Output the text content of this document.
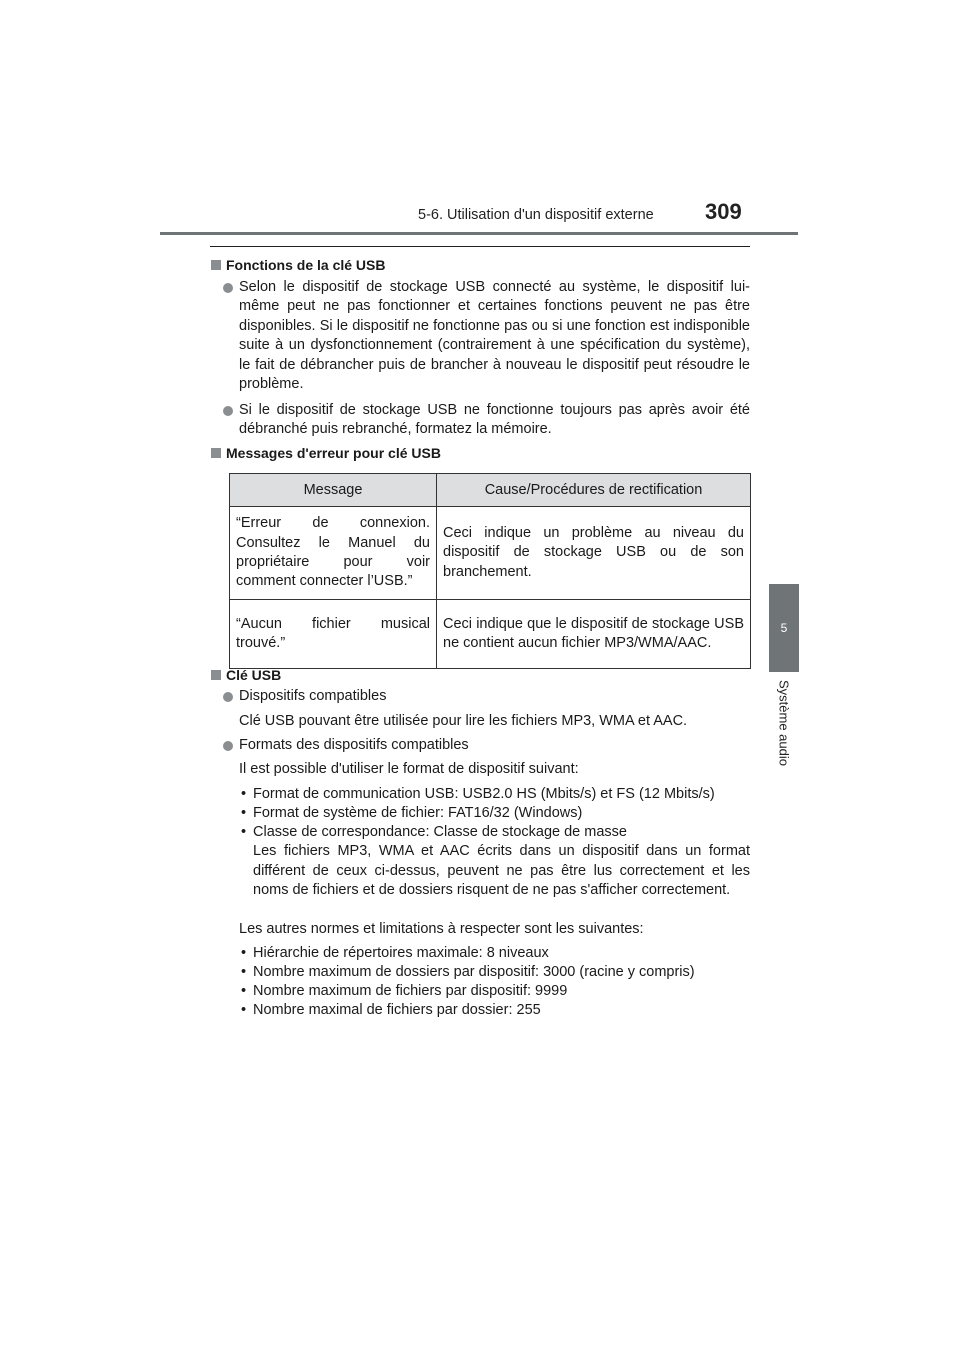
5-6. Utilisation d'un dispositif externe 309
5
Système audio
Fonctions de la clé USB
Selon le dispositif de stockage USB connecté au système, le dispositif lui-même peut ne pas fonctionner et certaines fonctions peuvent ne pas être disponibles. Si le dispositif ne fonctionne pas ou si une fonction est indisponible suite à un dysfonctionnement (contrairement à une spécification du système), le fait de débrancher puis de brancher à nouveau le dispositif peut résoudre le problème.
Si le dispositif de stockage USB ne fonctionne toujours pas après avoir été débranché puis rebranché, formatez la mémoire.
Messages d'erreur pour clé USB
Message	Cause/Procédures de rectification
“Erreur de connexion. Consultez le Manuel du propriétaire pour voir comment connecter l’USB.”	Ceci indique un problème au niveau du dispositif de stockage USB ou de son branchement.
“Aucun fichier musical trouvé.”	Ceci indique que le dispositif de stockage USB ne contient aucun fichier MP3/WMA/AAC.
Clé USB
Dispositifs compatibles
Clé USB pouvant être utilisée pour lire les fichiers MP3, WMA et AAC.
Formats des dispositifs compatibles
Il est possible d'utiliser le format de dispositif suivant:
• Format de communication USB: USB2.0 HS (Mbits/s) et FS (12 Mbits/s)
• Format de système de fichier: FAT16/32 (Windows)
• Classe de correspondance: Classe de stockage de masse
Les fichiers MP3, WMA et AAC écrits dans un dispositif dans un format différent de ceux ci-dessus, peuvent ne pas être lus correctement et les noms de fichiers et de dossiers risquent de ne pas s'afficher correctement.
Les autres normes et limitations à respecter sont les suivantes:
• Hiérarchie de répertoires maximale: 8 niveaux
• Nombre maximum de dossiers par dispositif: 3000 (racine y compris)
• Nombre maximum de fichiers par dispositif: 9999
• Nombre maximal de fichiers par dossier: 255
